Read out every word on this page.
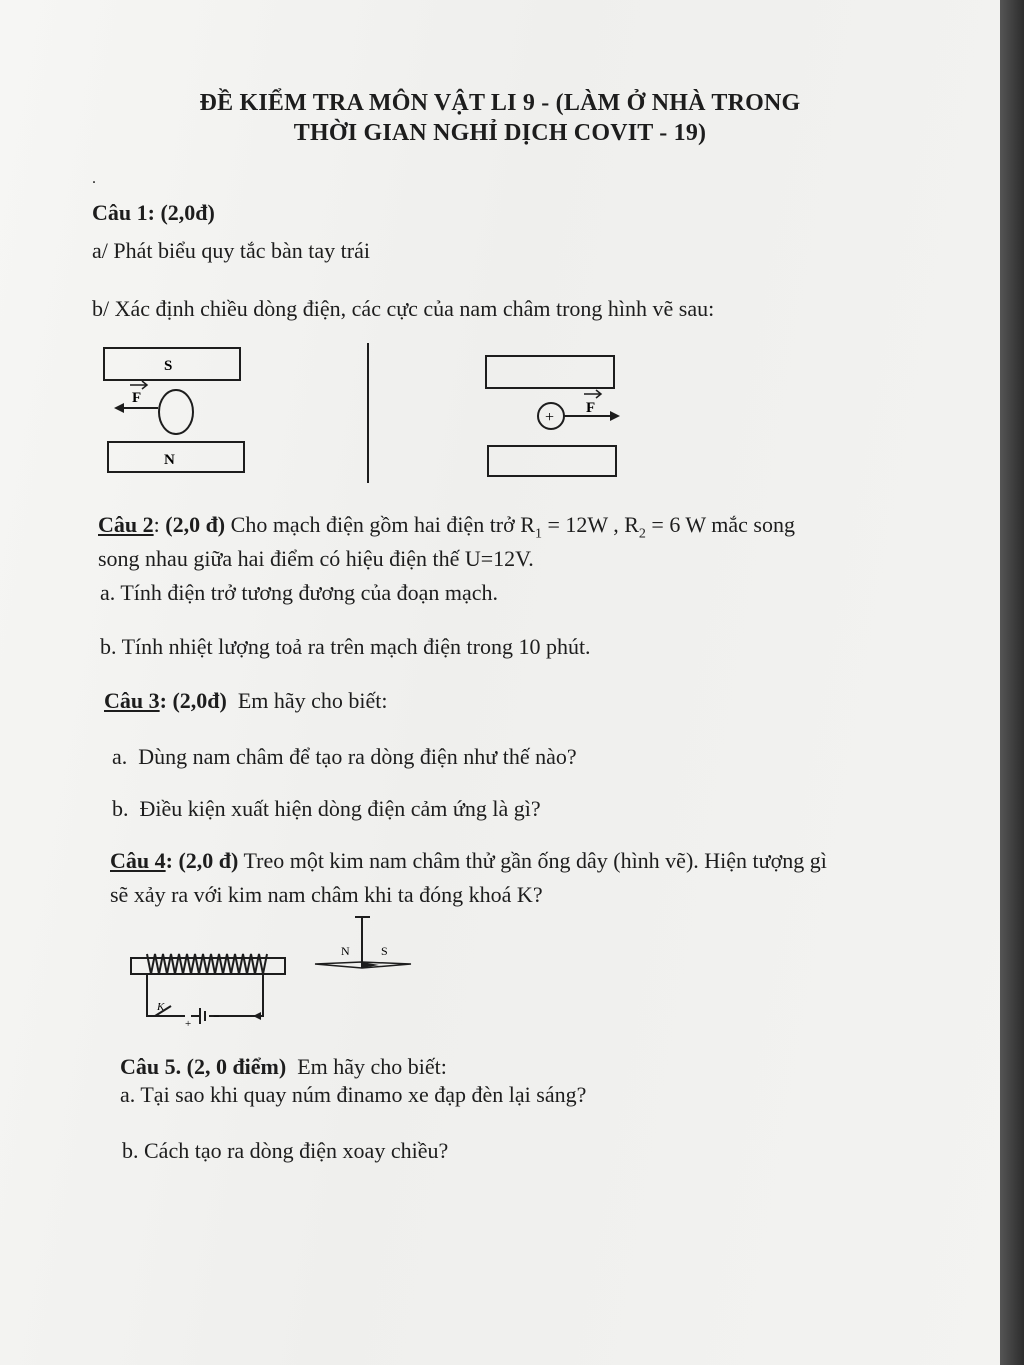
ĐỀ KIỂM TRA MÔN VẬT LI 9 - (LÀM Ở NHÀ TRONG
THỜI GIAN NGHỈ DỊCH COVIT - 19)
.
Câu 1: (2,0đ)
a/ Phát biểu quy tắc bàn tay trái
b/ Xác định chiều dòng điện, các cực của nam châm trong hình vẽ sau:
S
N
F
+
F
Câu 2: (2,0 đ) Cho mạch điện gồm hai điện trở $R_1 = 12W$ , $R_2 = 6$ W mắc song
song nhau giữa hai điểm có hiệu điện thế U=12V.
a. Tính điện trở tương đương của đoạn mạch.
b. Tính nhiệt lượng toả ra trên mạch điện trong 10 phút.
Câu 3: (2,0đ) Em hãy cho biết:
a. Dùng nam châm để tạo ra dòng điện như thế nào?
b. Điều kiện xuất hiện dòng điện cảm ứng là gì?
Câu 4: (2,0 đ) Treo một kim nam châm thử gần ống dây (hình vẽ). Hiện tượng gì
sẽ xảy ra với kim nam châm khi ta đóng khoá K?
K
+
−
N	S
Câu 5. (2, 0 điểm) Em hãy cho biết:
a. Tại sao khi quay núm đinamo xe đạp đèn lại sáng?
b. Cách tạo ra dòng điện xoay chiều?
